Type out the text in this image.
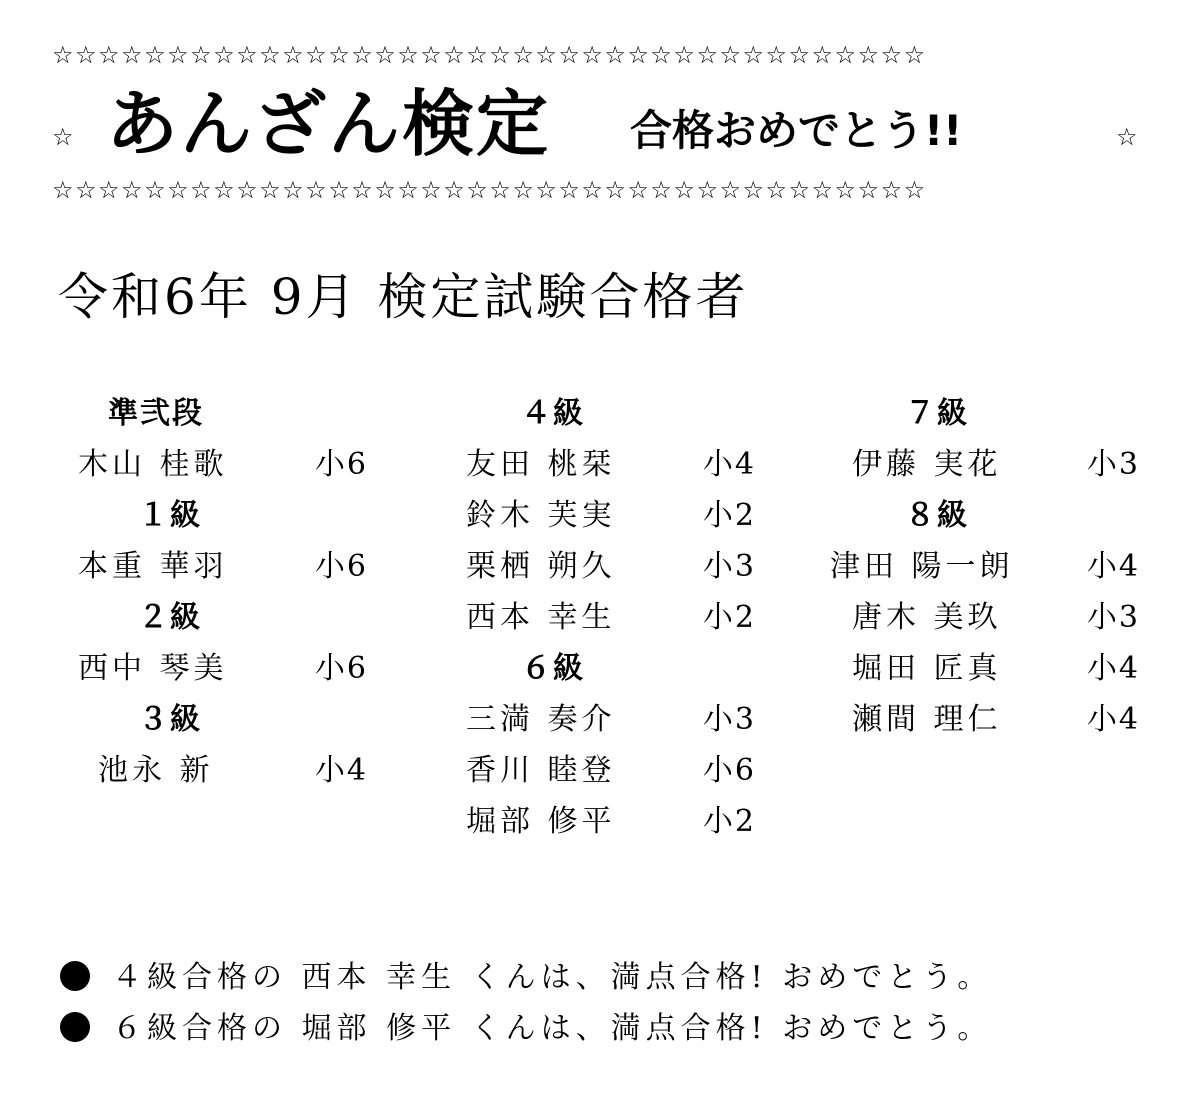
☆☆☆☆☆☆☆☆☆☆☆☆☆☆☆☆☆☆☆☆☆☆☆☆☆☆☆☆☆☆☆☆☆☆☆☆☆☆
☆ あんざん検定 合格おめでとう!!	☆
☆☆☆☆☆☆☆☆☆☆☆☆☆☆☆☆☆☆☆☆☆☆☆☆☆☆☆☆☆☆☆☆☆☆☆☆☆☆
令和6年 9月 検定試験合格者
準弐段
木山 桂歌	小6
１級
本重 華羽	小6
２級
西中 琴美	小6
３級
池永 新	小4
４級
友田 桃栞	小4
鈴木 芙実	小2
栗栖 朔久	小3
西本 幸生	小2
６級
三満 奏介	小3
香川 睦登	小6
堀部 修平	小2
７級
伊藤 実花	小3
８級
津田 陽一朗 小4
唐木 美玖	小3
堀田 匠真	小4
瀬間 理仁	小4
４級合格の 西本 幸生 くんは、満点合格! おめでとう。
６級合格の 堀部 修平 くんは、満点合格! おめでとう。
